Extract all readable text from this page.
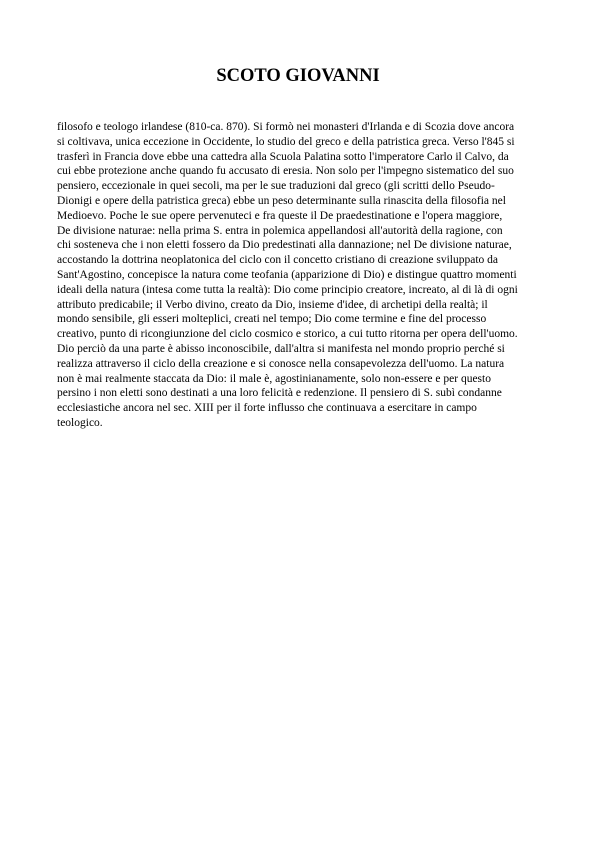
SCOTO GIOVANNI
filosofo e teologo irlandese (810-ca. 870). Si formò nei monasteri d'Irlanda e di Scozia dove ancora
si coltivava, unica eccezione in Occidente, lo studio del greco e della patristica greca. Verso l'845 si
trasferì in Francia dove ebbe una cattedra alla Scuola Palatina sotto l'imperatore Carlo il Calvo, da
cui ebbe protezione anche quando fu accusato di eresia. Non solo per l'impegno sistematico del suo
pensiero, eccezionale in quei secoli, ma per le sue traduzioni dal greco (gli scritti dello Pseudo-
Dionigi e opere della patristica greca) ebbe un peso determinante sulla rinascita della filosofia nel
Medioevo. Poche le sue opere pervenuteci e fra queste il De praedestinatione e l'opera maggiore,
De divisione naturae: nella prima S. entra in polemica appellandosi all'autorità della ragione, con
chi sosteneva che i non eletti fossero da Dio predestinati alla dannazione; nel De divisione naturae,
accostando la dottrina neoplatonica del ciclo con il concetto cristiano di creazione sviluppato da
Sant'Agostino, concepisce la natura come teofania (apparizione di Dio) e distingue quattro momenti
ideali della natura (intesa come tutta la realtà): Dio come principio creatore, increato, al di là di ogni
attributo predicabile; il Verbo divino, creato da Dio, insieme d'idee, di archetipi della realtà; il
mondo sensibile, gli esseri molteplici, creati nel tempo; Dio come termine e fine del processo
creativo, punto di ricongiunzione del ciclo cosmico e storico, a cui tutto ritorna per opera dell'uomo.
Dio perciò da una parte è abisso inconoscibile, dall'altra si manifesta nel mondo proprio perché si
realizza attraverso il ciclo della creazione e si conosce nella consapevolezza dell'uomo. La natura
non è mai realmente staccata da Dio: il male è, agostinianamente, solo non-essere e per questo
persino i non eletti sono destinati a una loro felicità e redenzione. Il pensiero di S. subì condanne
ecclesiastiche ancora nel sec. XIII per il forte influsso che continuava a esercitare in campo
teologico.
